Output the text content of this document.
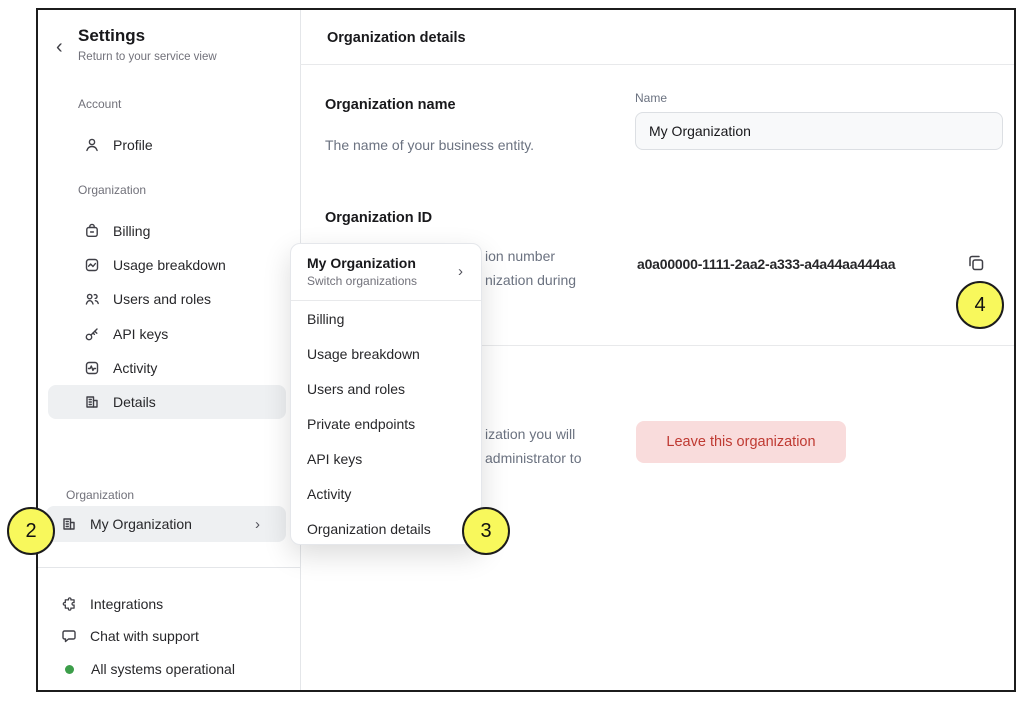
‹
Settings
Return to your service view
Account
Profile
Organization
Billing
Usage breakdown
Users and roles
API keys
Activity
Details
Organization
My Organization	›
Integrations
Chat with support
All systems operational
Organization details
Organization name
The name of your business entity.
Name
My Organization
Organization ID
ion number
nization during
a0a00000-1111-2aa2-a333-a4a44aa444aa
ization you will
administrator to
Leave this organization
My Organization
Switch organizations
›
Billing
Usage breakdown
Users and roles
Private endpoints
API keys
Activity
Organization details
2	3
4
